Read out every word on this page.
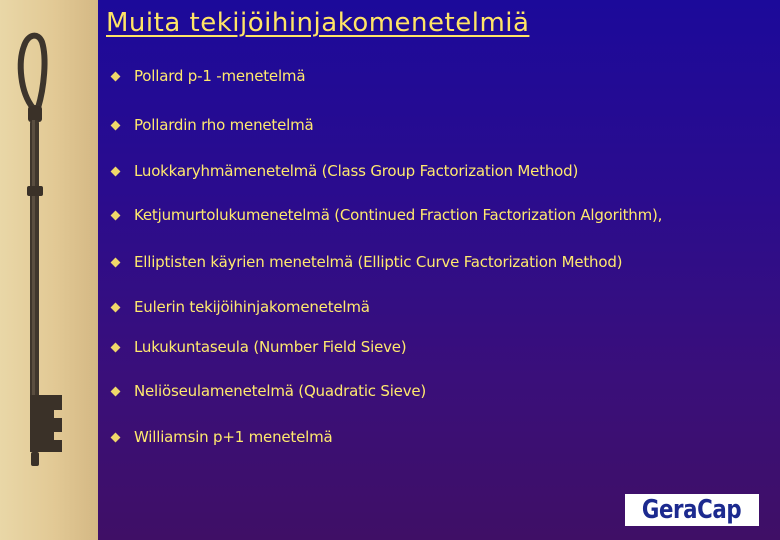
Muita tekijöihinjakomenetelmiä
Pollard p-1 -menetelmä
Pollardin rho menetelmä
Luokkaryhmämenetelmä (Class Group Factorization Method)
Ketjumurtolukumenetelmä (Continued Fraction Factorization Algorithm),
Elliptisten käyrien menetelmä (Elliptic Curve Factorization Method)
Eulerin tekijöihinjakomenetelmä
Lukukuntaseula (Number Field Sieve)
Neliöseulamenetelmä (Quadratic Sieve)
Williamsin p+1 menetelmä
GeraCap
